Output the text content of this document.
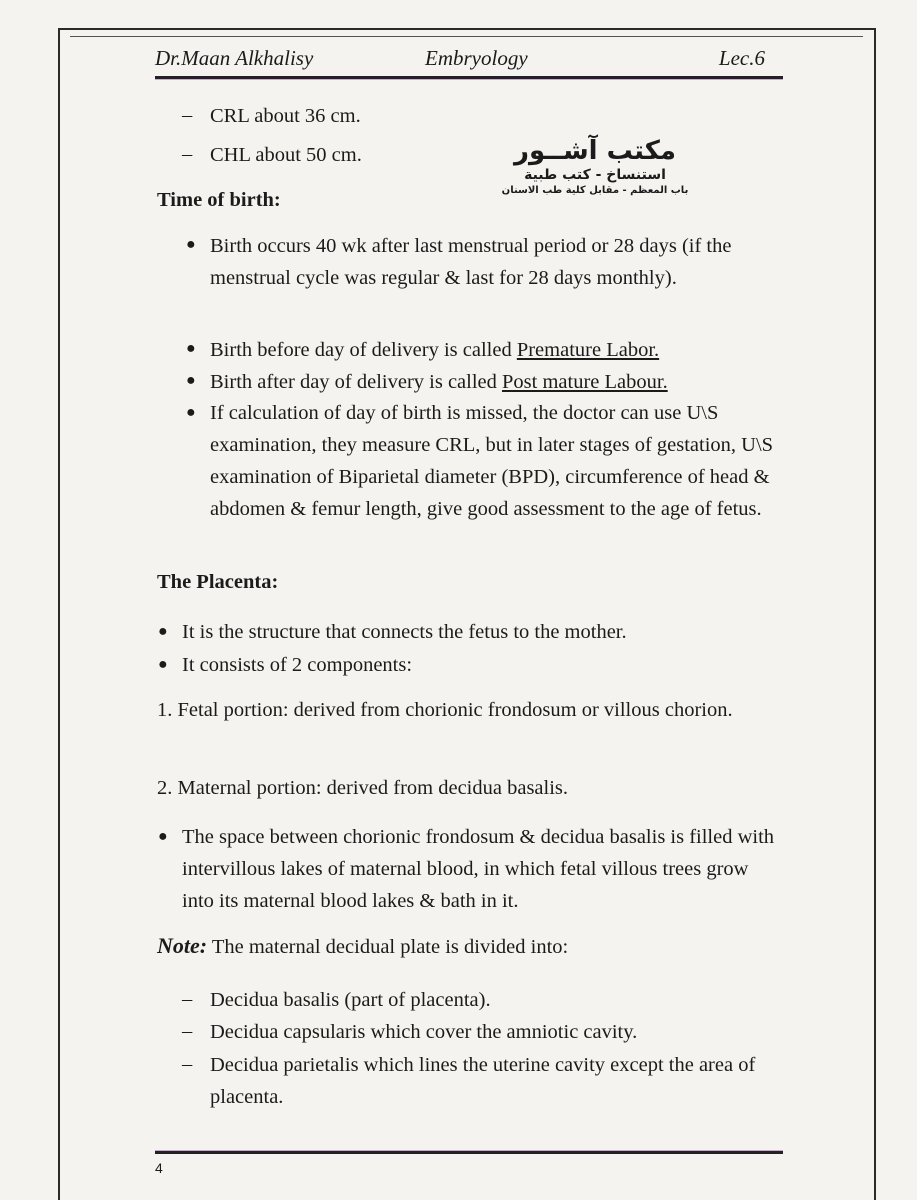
Dr.Maan Alkhalisy	Embryology	Lec.6
مكتب آشــور
استنساخ - كتب طبية
باب المعظم - مقابل كلية طب الاسنان
– CRL about 36 cm.
– CHL about 50 cm.
Time of birth:
● Birth occurs 40 wk after last menstrual period or 28 days (if the menstrual cycle was regular & last for 28 days monthly).
● Birth before day of delivery is called Premature Labor.
● Birth after day of delivery is called Post mature Labour.
● If calculation of day of birth is missed, the doctor can use U\S examination, they measure CRL, but in later stages of gestation, U\S examination of Biparietal diameter (BPD), circumference of head & abdomen & femur length, give good assessment to the age of fetus.
The Placenta:
● It is the structure that connects the fetus to the mother.
● It consists of 2 components:
1. Fetal portion: derived from chorionic frondosum or villous chorion.
2. Maternal portion: derived from decidua basalis.
● The space between chorionic frondosum & decidua basalis is filled with intervillous lakes of maternal blood, in which fetal villous trees grow into its maternal blood lakes & bath in it.
Note: The maternal decidual plate is divided into:
– Decidua basalis (part of placenta).
– Decidua capsularis which cover the amniotic cavity.
– Decidua parietalis which lines the uterine cavity except the area of placenta.
4
